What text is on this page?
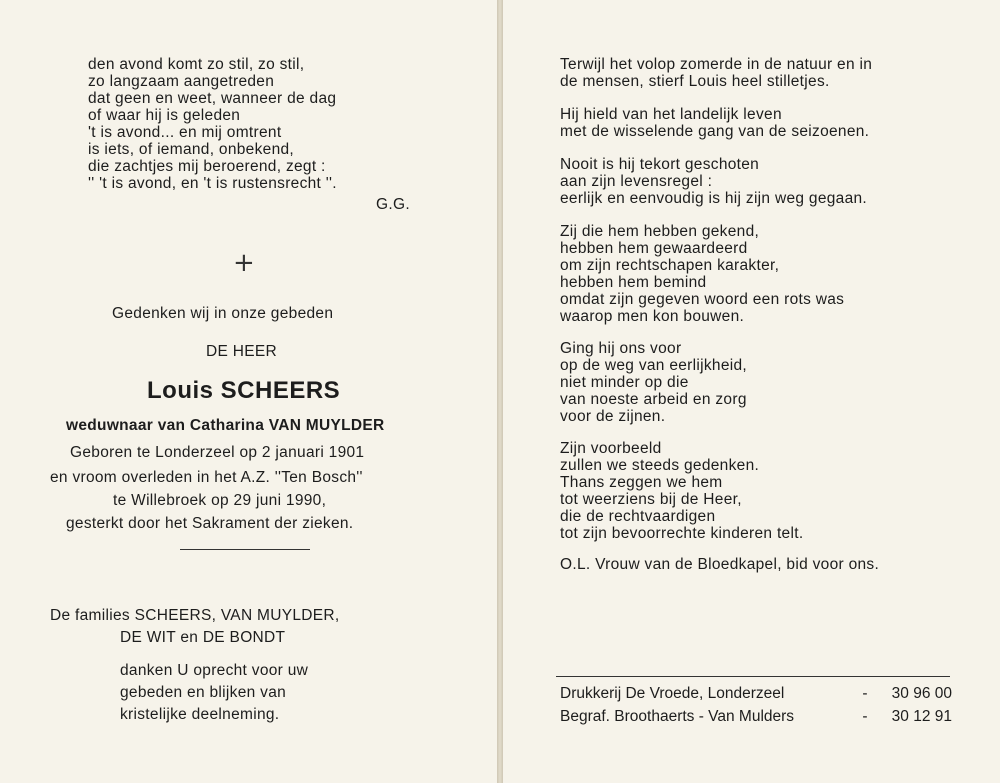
den avond komt zo stil, zo stil,
zo langzaam aangetreden
dat geen en weet, wanneer de dag
of waar hij is geleden
't is avond... en mij omtrent
is iets, of iemand, onbekend,
die zachtjes mij beroerend, zegt :
'' 't is avond, en 't is rustensrecht ''.
G.G.
+
Gedenken wij in onze gebeden
DE HEER
Louis SCHEERS
weduwnaar van Catharina VAN MUYLDER
Geboren te Londerzeel op 2 januari 1901
en vroom overleden in het A.Z. ''Ten Bosch''
te Willebroek op 29 juni 1990,
gesterkt door het Sakrament der zieken.
De families SCHEERS, VAN MUYLDER,
DE WIT en DE BONDT
danken U oprecht voor uw
gebeden en blijken van
kristelijke deelneming.
Terwijl het volop zomerde in de natuur en in
de mensen, stierf Louis heel stilletjes.
Hij hield van het landelijk leven
met de wisselende gang van de seizoenen.
Nooit is hij tekort geschoten
aan zijn levensregel :
eerlijk en eenvoudig is hij zijn weg gegaan.
Zij die hem hebben gekend,
hebben hem gewaardeerd
om zijn rechtschapen karakter,
hebben hem bemind
omdat zijn gegeven woord een rots was
waarop men kon bouwen.
Ging hij ons voor
op de weg van eerlijkheid,
niet minder op die
van noeste arbeid en zorg
voor de zijnen.
Zijn voorbeeld
zullen we steeds gedenken.
Thans zeggen we hem
tot weerziens bij de Heer,
die de rechtvaardigen
tot zijn bevoorrechte kinderen telt.
O.L. Vrouw van de Bloedkapel, bid voor ons.
Drukkerij De Vroede, Londerzeel	-	30 96 00
Begraf. Broothaerts - Van Mulders	-	30 12 91
